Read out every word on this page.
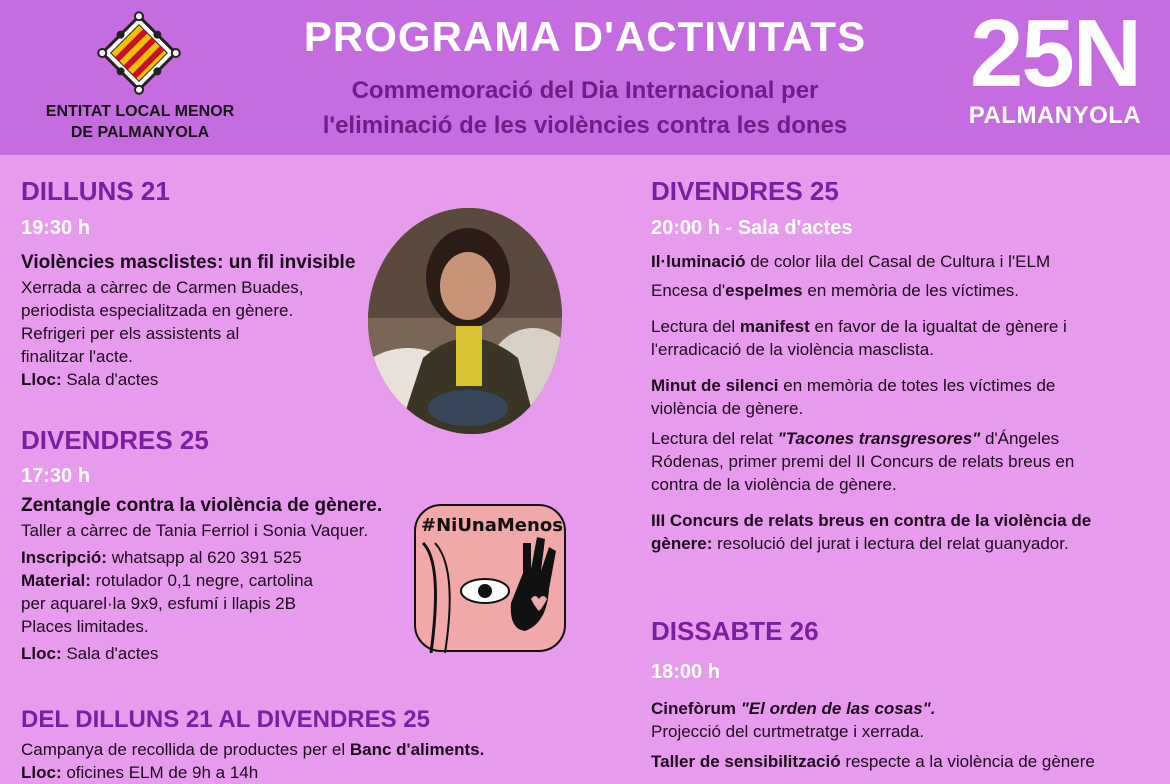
ENTITAT LOCAL MENOR
DE PALMANYOLA
PROGRAMA D'ACTIVITATS
Commemoració del Dia Internacional per
l'eliminació de les violències contra les dones
25N
PALMANYOLA
DILLUNS 21
19:30 h
Violències masclistes: un fil invisible
Xerrada a càrrec de Carmen Buades,
periodista especialitzada en gènere.
Refrigeri per els assistents al
finalitzar l'acte.
Lloc: Sala d'actes
DIVENDRES 25
17:30 h
Zentangle contra la violència de gènere.
Taller a càrrec de Tania Ferriol i Sonia Vaquer.
Inscripció: whatsapp al 620 391 525
Material: rotulador 0,1 negre, cartolina
per aquarel·la 9x9, esfumí i llapis 2B
Places limitades.
Lloc: Sala d'actes
#NiUnaMenos
DEL DILLUNS 21 AL DIVENDRES 25
Campanya de recollida de productes per el Banc d'aliments.
Lloc: oficines ELM de 9h a 14h
DIVENDRES 25
20:00 h - Sala d'actes
Il·luminació de color lila del Casal de Cultura i l'ELM
Encesa d'espelmes en memòria de les víctimes.
Lectura del manifest en favor de la igualtat de gènere i
l'erradicació de la violència masclista.
Minut de silenci en memòria de totes les víctimes de
violència de gènere.
Lectura del relat "Tacones transgresores" d'Ángeles
Ródenas, primer premi del II Concurs de relats breus en
contra de la violència de gènere.
III Concurs de relats breus en contra de la violència de
gènere: resolució del jurat i lectura del relat guanyador.
DISSABTE 26
18:00 h
Cinefòrum "El orden de las cosas".
Projecció del curtmetratge i xerrada.
Taller de sensibilització respecte a la violència de gènere
